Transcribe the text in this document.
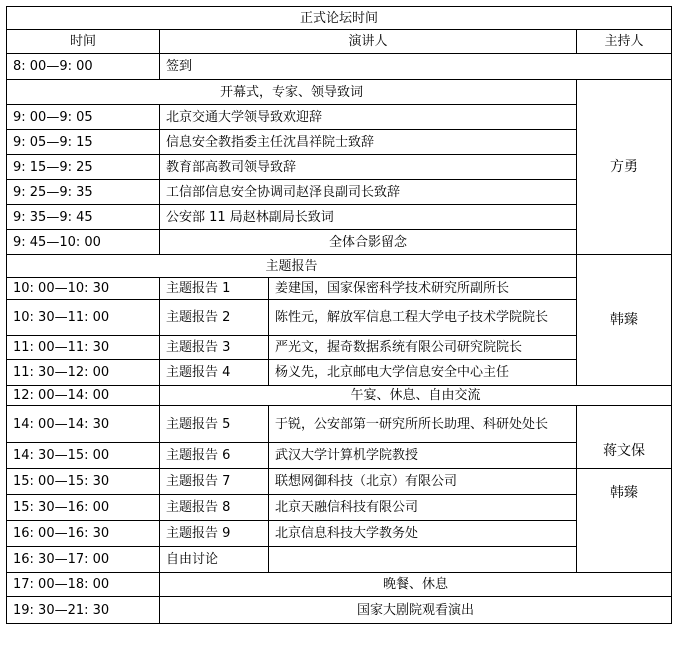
正式论坛时间			
时间	演讲人		主持人
8: 00—9: 00	签到		
开幕式，专家、领导致词			方勇
9: 00—9: 05	北京交通大学领导致欢迎辞		
9: 05—9: 15	信息安全教指委主任沈昌祥院士致辞		
9: 15—9: 25	教育部高教司领导致辞		
9: 25—9: 35	工信部信息安全协调司赵泽良副司长致辞		
9: 35—9: 45	公安部 11 局赵林副局长致词		
9: 45—10: 00	全体合影留念		
主题报告			韩臻
10: 00—10: 30	主题报告 1	姜建国，国家保密科学技术研究所副所长	
10: 30—11: 00	主题报告 2	陈性元，解放军信息工程大学电子技术学院院长	
11: 00—11: 30	主题报告 3	严光文，握奇数据系统有限公司研究院院长	
11: 30—12: 00	主题报告 4	杨义先，北京邮电大学信息安全中心主任	
12: 00—14: 00	午宴、休息、自由交流		
14: 00—14: 30	主题报告 5	于锐，公安部第一研究所所长助理、科研处处长	蒋文保
14: 30—15: 00	主题报告 6	武汉大学计算机学院教授	
15: 00—15: 30	主题报告 7	联想网御科技（北京）有限公司	韩臻
15: 30—16: 00	主题报告 8	北京天融信科技有限公司	
16: 00—16: 30	主题报告 9	北京信息科技大学教务处	
16: 30—17: 00	自由讨论		
17: 00—18: 00	晚餐、休息		
19: 30—21: 30	国家大剧院观看演出		
